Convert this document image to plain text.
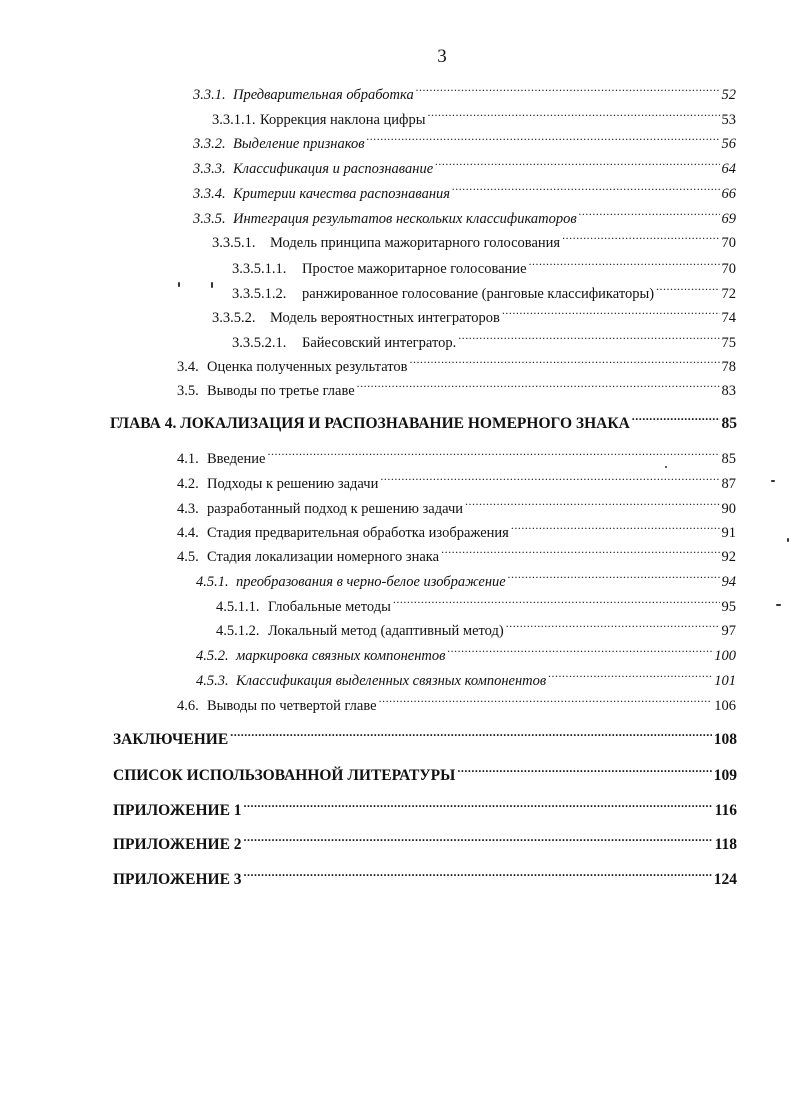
3
3.3.1. Предварительная обработка .....	52
3.3.1.1. Коррекция наклона цифры .....	53
3.3.2. Выделение признаков .....	56
3.3.3. Классификация и распознавание .....	64
3.3.4. Критерии качества распознавания .....	66
3.3.5. Интеграция результатов нескольких классификаторов .....	69
3.3.5.1.	Модель принципа мажоритарного голосования .....	70
3.3.5.1.1.	Простое мажоритарное голосование .....	70
3.3.5.1.2.	ранжированное голосование (ранговые классификаторы) .....	72
3.3.5.2.	Модель вероятностных интеграторов .....	74
3.3.5.2.1.	Байесовский интегратор. .....	75
3.4. Оценка полученных результатов .....	78
3.5. Выводы по третье главе .....	83
ГЛАВА 4. ЛОКАЛИЗАЦИЯ И РАСПОЗНАВАНИЕ НОМЕРНОГО ЗНАКА .....	85
4.1. Введение .....	85
4.2. Подходы к решению задачи .....	87
4.3. разработанный подход к решению задачи .....	90
4.4. Стадия предварительная обработка изображения .....	91
4.5. Стадия локализации номерного знака .....	92
4.5.1. преобразования в черно-белое изображение .....	94
4.5.1.1. Глобальные методы .....	95
4.5.1.2. Локальный метод (адаптивный метод) .....	97
4.5.2. маркировка связных компонентов .....	100
4.5.3. Классификация выделенных связных компонентов .....	101
4.6. Выводы по четвертой главе .....	106
ЗАКЛЮЧЕНИЕ .....	108
СПИСОК ИСПОЛЬЗОВАННОЙ ЛИТЕРАТУРЫ .....	109
ПРИЛОЖЕНИЕ 1 .....	116
ПРИЛОЖЕНИЕ 2 .....	118
ПРИЛОЖЕНИЕ 3 .....	124
